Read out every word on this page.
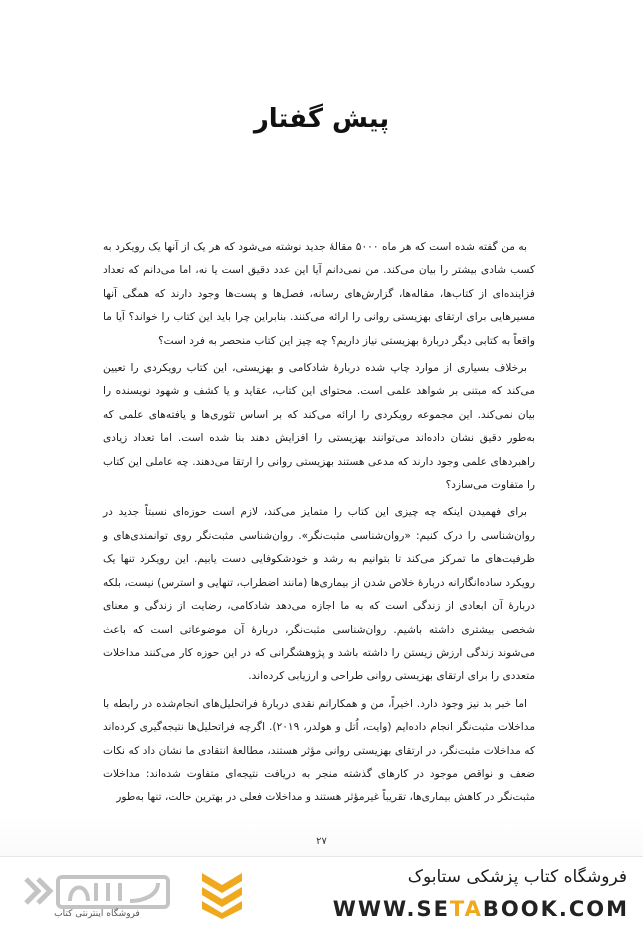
پیش گفتار

به من گفته شده است که هر ماه ۵۰۰۰ مقالهٔ جدید نوشته می‌شود که هر یک از آنها یک رویکرد به کسب شادی بیشتر را بیان می‌کند. من نمی‌دانم آیا این عدد دقیق است یا نه، اما می‌دانم که تعداد فزاینده‌ای از کتاب‌ها، مقاله‌ها، گزارش‌های رسانه، فصل‌ها و پست‌ها وجود دارند که همگی آنها مسیرهایی برای ارتقای بهزیستی روانی را ارائه می‌کنند. بنابراین چرا باید این کتاب را خواند؟ آیا ما واقعاً به کتابی دیگر دربارهٔ بهزیستی نیاز داریم؟ چه چیز این کتاب منحصر به فرد است؟

برخلاف بسیاری از موارد چاپ شده دربارهٔ شادکامی و بهزیستی، این کتاب رویکردی را تعیین می‌کند که مبتنی بر شواهد علمی است. محتوای این کتاب، عقاید و یا کشف و شهود نویسنده را بیان نمی‌کند. این مجموعه رویکردی را ارائه می‌کند که بر اساس تئوری‌ها و یافته‌های علمی که به‌طور دقیق نشان داده‌اند می‌توانند بهزیستی را افزایش دهند بنا شده است. اما تعداد زیادی راهبردهای علمی وجود دارند که مدعی هستند بهزیستی روانی را ارتقا می‌دهند. چه عاملی این کتاب را متفاوت می‌سازد؟

برای فهمیدن اینکه چه چیزی این کتاب را متمایز می‌کند، لازم است حوزه‌ای نسبتاً جدید در روان‌شناسی را درک کنیم: «روان‌شناسی مثبت‌نگر». روان‌شناسی مثبت‌نگر روی توانمندی‌های و ظرفیت‌های ما تمرکز می‌کند تا بتوانیم به رشد و خودشکوفایی دست یابیم. این رویکرد تنها یک رویکرد ساده‌انگارانه دربارهٔ خلاص شدن از بیماری‌ها (مانند اضطراب، تنهایی و استرس) نیست، بلکه دربارهٔ آن ابعادی از زندگی است که به ما اجازه می‌دهد شادکامی، رضایت از زندگی و معنای شخصی بیشتری داشته باشیم. روان‌شناسی مثبت‌نگر، دربارهٔ آن موضوعاتی است که باعث می‌شوند زندگی ارزش زیستن را داشته باشد و پژوهشگرانی که در این حوزه کار می‌کنند مداخلات متعددی را برای ارتقای بهزیستی روانی طراحی و ارزیابی کرده‌اند.

اما خبر بد نیز وجود دارد. اخیراً، من و همکارانم نقدی دربارهٔ فراتحلیل‌های انجام‌شده در رابطه با مداخلات مثبت‌نگر انجام داده‌ایم (وایت، اُتل و هولدر، ۲۰۱۹). اگرچه فراتحلیل‌ها نتیجه‌گیری کرده‌اند که مداخلات مثبت‌نگر، در ارتقای بهزیستی روانی مؤثر هستند، مطالعهٔ انتقادی ما نشان داد که نکات ضعف و نواقص موجود در کارهای گذشته منجر به دریافت نتیجه‌ای متفاوت شده‌اند: مداخلات مثبت‌نگر در کاهش بیماری‌ها، تقریباً غیرمؤثر هستند و مداخلات فعلی در بهترین حالت، تنها به‌طور

۲۷
فروشگاه اینترنتی کتاب
فروشگاه کتاب پزشکی ستابوک
WWW.SETABOOK.COM
